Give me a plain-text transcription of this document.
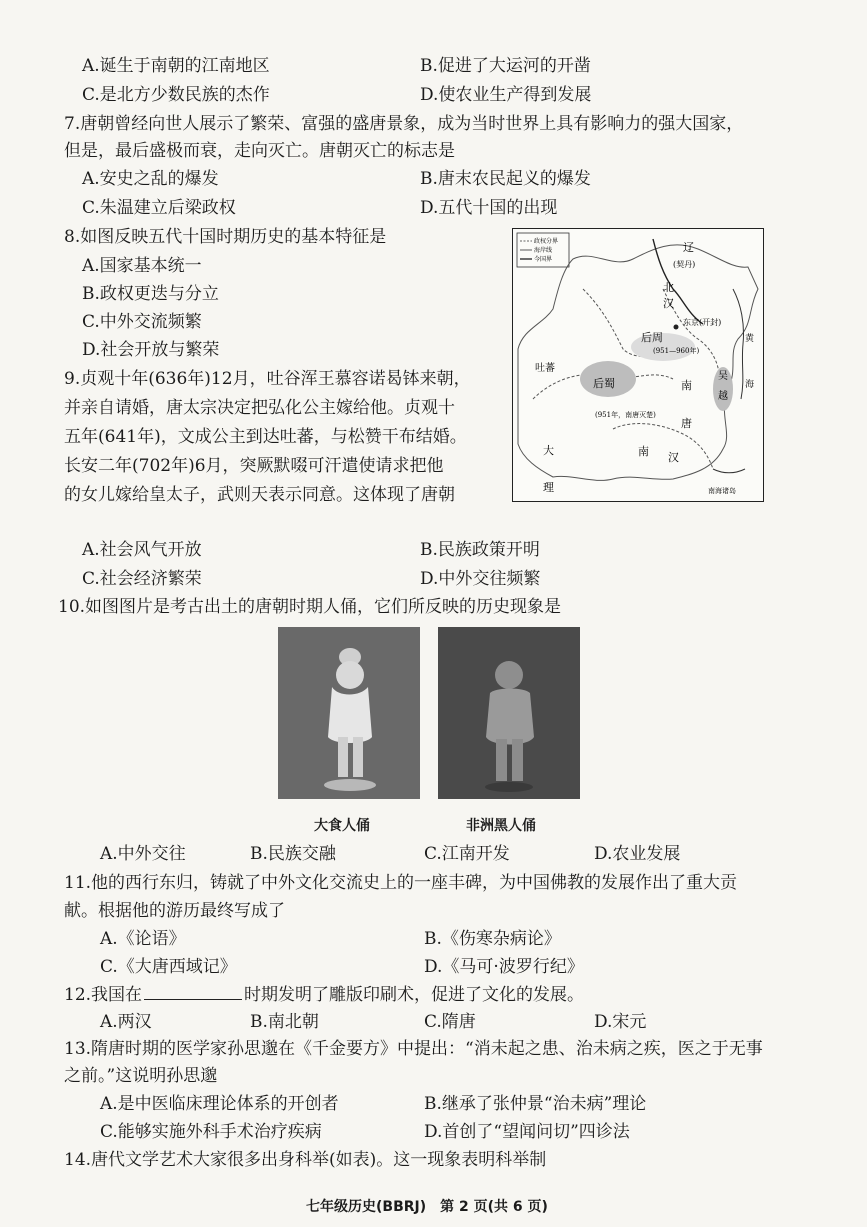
A.诞生于南朝的江南地区	B.促进了大运河的开凿
C.是北方少数民族的杰作	D.使农业生产得到发展
7.唐朝曾经向世人展示了繁荣、富强的盛唐景象，成为当时世界上具有影响力的强大国家，
但是，最后盛极而衰，走向灭亡。唐朝灭亡的标志是
A.安史之乱的爆发	B.唐末农民起义的爆发
C.朱温建立后梁政权	D.五代十国的出现
8.如图反映五代十国时期历史的基本特征是
A.国家基本统一
B.政权更迭与分立
C.中外交流频繁
D.社会开放与繁荣
政权分界
海岸线
今国界
辽
(契丹)
北
汉
东京(开封)
后周
(951—960年)
吴
越
后蜀	南
唐
吐蕃
(951年，南唐灭楚)
大
理
南 汉
南海诸岛
黄
海
9.贞观十年(636年)12月，吐谷浑王慕容诺曷钵来朝，
并亲自请婚，唐太宗决定把弘化公主嫁给他。贞观十
五年(641年)，文成公主到达吐蕃，与松赞干布结婚。
长安二年(702年)6月，突厥默啜可汗遣使请求把他
的女儿嫁给皇太子，武则天表示同意。这体现了唐朝
A.社会风气开放	B.民族政策开明
C.社会经济繁荣	D.中外交往频繁
10.如图图片是考古出土的唐朝时期人俑，它们所反映的历史现象是
大食人俑	非洲黑人俑
A.中外交往	B.民族交融	C.江南开发	D.农业发展
11.他的西行东归，铸就了中外文化交流史上的一座丰碑，为中国佛教的发展作出了重大贡
献。根据他的游历最终写成了
A.《论语》	B.《伤寒杂病论》
C.《大唐西域记》	D.《马可·波罗行纪》
12.我国在	时期发明了雕版印刷术，促进了文化的发展。
A.两汉	B.南北朝	C.隋唐	D.宋元
13.隋唐时期的医学家孙思邈在《千金要方》中提出：“消未起之患、治未病之疾，医之于无事
之前。”这说明孙思邈
A.是中医临床理论体系的开创者	B.继承了张仲景“治未病”理论
C.能够实施外科手术治疗疾病	D.首创了“望闻问切”四诊法
14.唐代文学艺术大家很多出身科举(如表)。这一现象表明科举制
七年级历史(BBRJ)　第 2 页(共 6 页)
